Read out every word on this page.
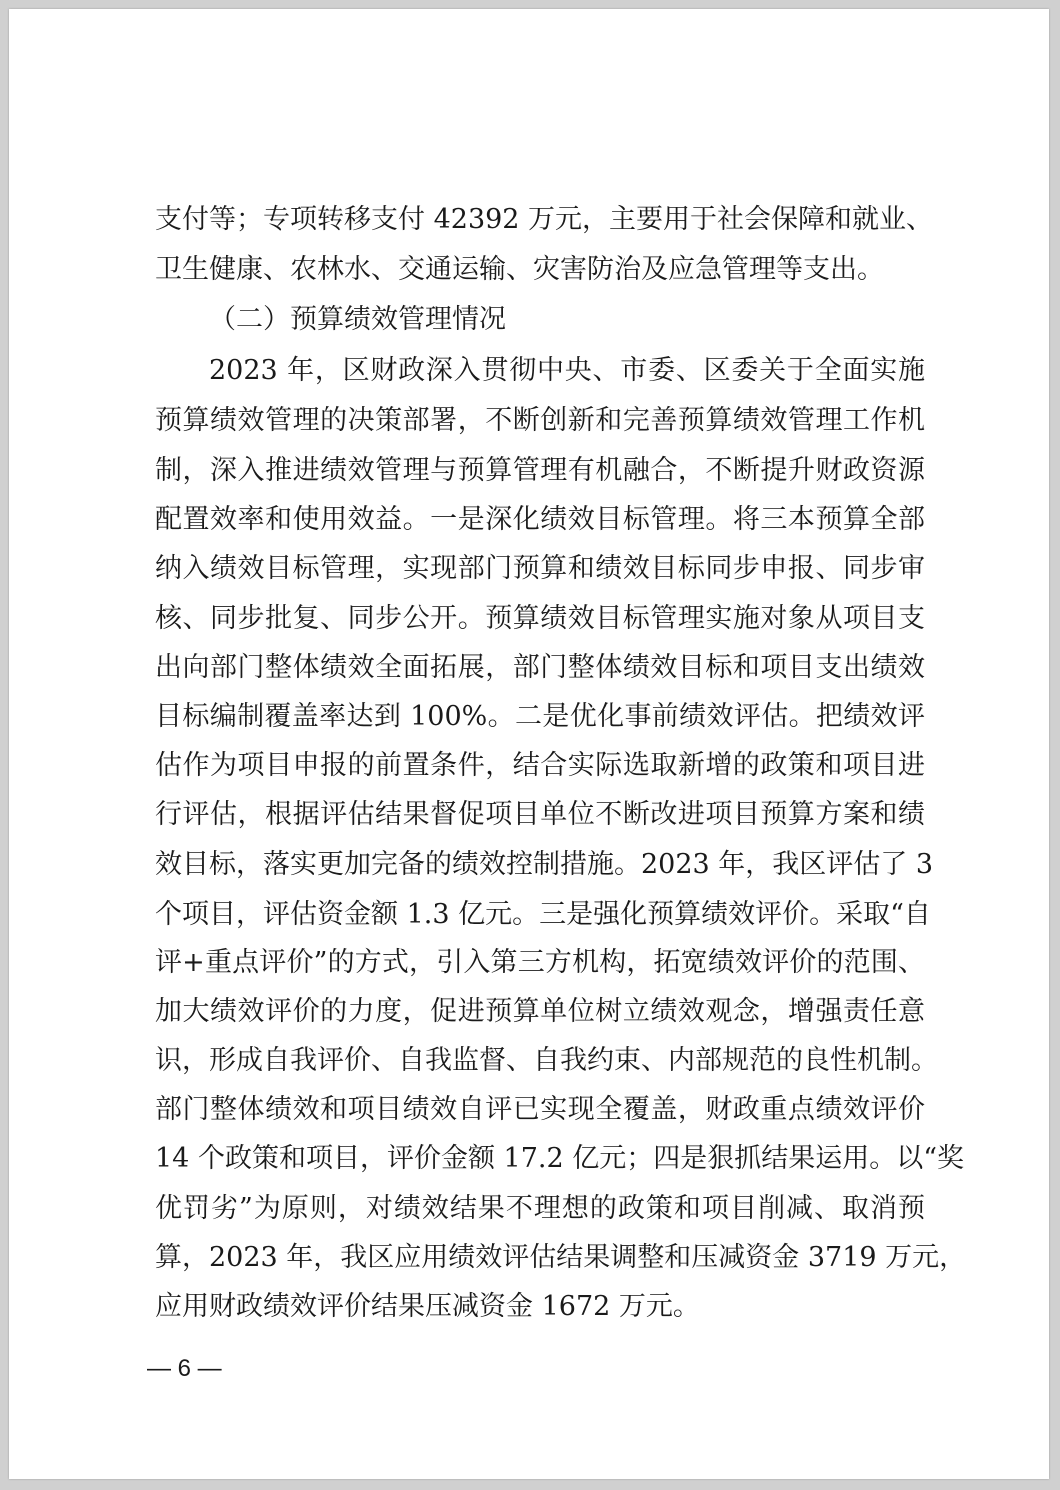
支付等；专项转移支付 42392 万元，主要用于社会保障和就业、
卫生健康、农林水、交通运输、灾害防治及应急管理等支出。
（二）预算绩效管理情况
2023 年，区财政深入贯彻中央、市委、区委关于全面实施
预算绩效管理的决策部署，不断创新和完善预算绩效管理工作机
制，深入推进绩效管理与预算管理有机融合，不断提升财政资源
配置效率和使用效益。一是深化绩效目标管理。将三本预算全部
纳入绩效目标管理，实现部门预算和绩效目标同步申报、同步审
核、同步批复、同步公开。预算绩效目标管理实施对象从项目支
出向部门整体绩效全面拓展，部门整体绩效目标和项目支出绩效
目标编制覆盖率达到 100%。二是优化事前绩效评估。把绩效评
估作为项目申报的前置条件，结合实际选取新增的政策和项目进
行评估，根据评估结果督促项目单位不断改进项目预算方案和绩
效目标，落实更加完备的绩效控制措施。2023 年，我区评估了 3
个项目，评估资金额 1.3 亿元。三是强化预算绩效评价。采取“自
评+重点评价”的方式，引入第三方机构，拓宽绩效评价的范围、
加大绩效评价的力度，促进预算单位树立绩效观念，增强责任意
识，形成自我评价、自我监督、自我约束、内部规范的良性机制。
部门整体绩效和项目绩效自评已实现全覆盖，财政重点绩效评价
14 个政策和项目，评价金额 17.2 亿元；四是狠抓结果运用。以“奖
优罚劣”为原则，对绩效结果不理想的政策和项目削减、取消预
算，2023 年，我区应用绩效评估结果调整和压减资金 3719 万元，
应用财政绩效评价结果压减资金 1672 万元。
— 6 —
